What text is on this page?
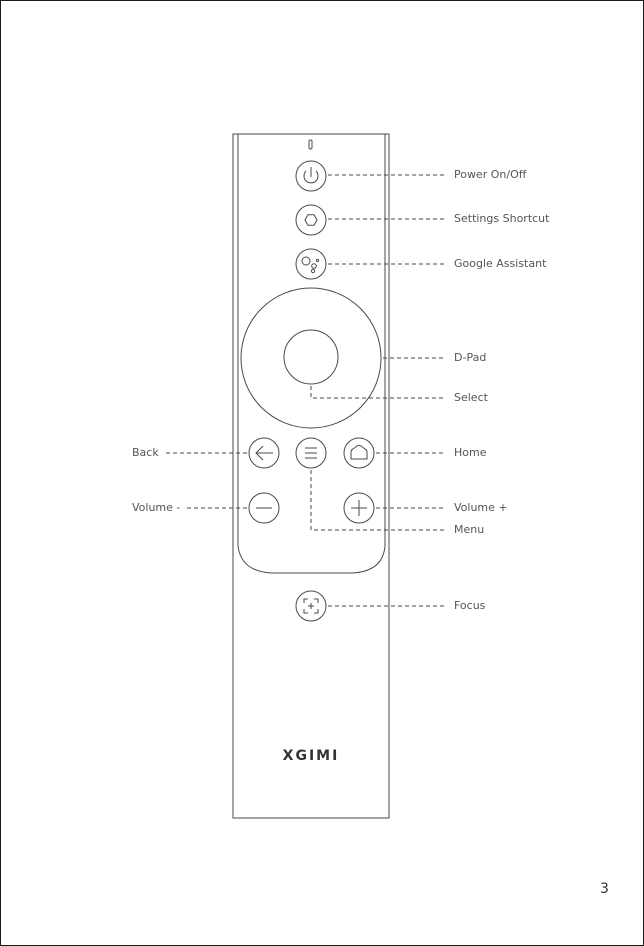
XGIMI
Power On/Off
Settings Shortcut
Google Assistant
D-Pad
Select
Back	Home
Volume -	Volume +
Menu
Focus
3
